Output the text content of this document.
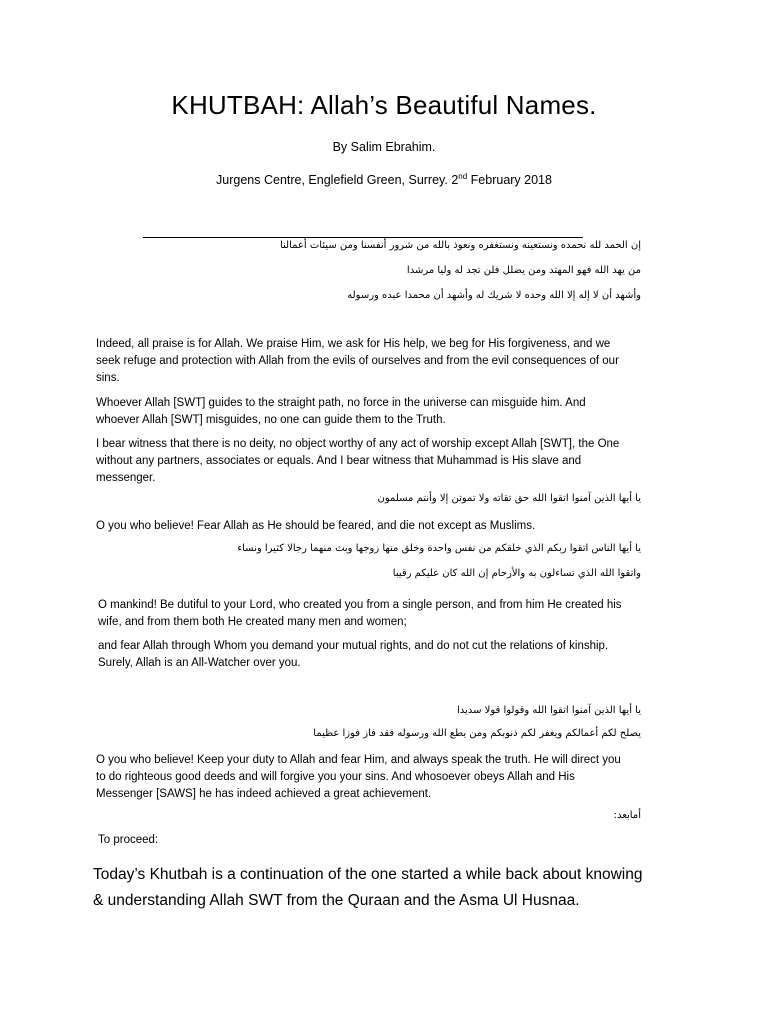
KHUTBAH: Allah’s Beautiful Names.
By Salim Ebrahim.
Jurgens Centre, Englefield Green, Surrey. 2nd February 2018
إن الحمد لله نحمده ونستعينه ونستغفره ونعوذ بالله من شرور أنفسنا ومن سيئات أعمالنا
من يهد الله فهو المهتد ومن يضلل فلن تجد له وليا مرشدا
وأشهد أن لا إله إلا الله وحده لا شريك له وأشهد أن محمدا عبده ورسوله
Indeed, all praise is for Allah. We praise Him, we ask for His help, we beg for His forgiveness, and we seek refuge and protection with Allah from the evils of ourselves and from the evil consequences of our sins.
Whoever Allah [SWT] guides to the straight path, no force in the universe can misguide him. And whoever Allah [SWT] misguides, no one can guide them to the Truth.
I bear witness that there is no deity, no object worthy of any act of worship except Allah [SWT], the One without any partners, associates or equals. And I bear witness that Muhammad is His slave and messenger.
يا أيها الذين آمنوا اتقوا الله حق تقاته ولا تموتن إلا وأنتم مسلمون
O you who believe! Fear Allah as He should be feared, and die not except as Muslims.
يا أيها الناس اتقوا ربكم الذي خلقكم من نفس واحدة وخلق منها زوجها وبث منهما رجالا كثيرا ونساء
واتقوا الله الذي تساءلون به والأرحام إن الله كان عليكم رقيبا
O mankind! Be dutiful to your Lord, who created you from a single person, and from him He created his wife, and from them both He created many men and women;
and fear Allah through Whom you demand your mutual rights, and do not cut the relations of kinship. Surely, Allah is an All-Watcher over you.
يا أيها الذين آمنوا اتقوا الله وقولوا قولا سديدا
يصلح لكم أعمالكم ويغفر لكم ذنوبكم ومن يطع الله ورسوله فقد فاز فوزا عظيما
O you who believe! Keep your duty to Allah and fear Him, and always speak the truth. He will direct you to do righteous good deeds and will forgive you your sins. And whosoever obeys Allah and His Messenger [SAWS] he has indeed achieved a great achievement.
أمابعد:
To proceed:
Today’s Khutbah is a continuation of the one started a while back about knowing & understanding Allah SWT from the Quraan and the Asma Ul Husnaa.
